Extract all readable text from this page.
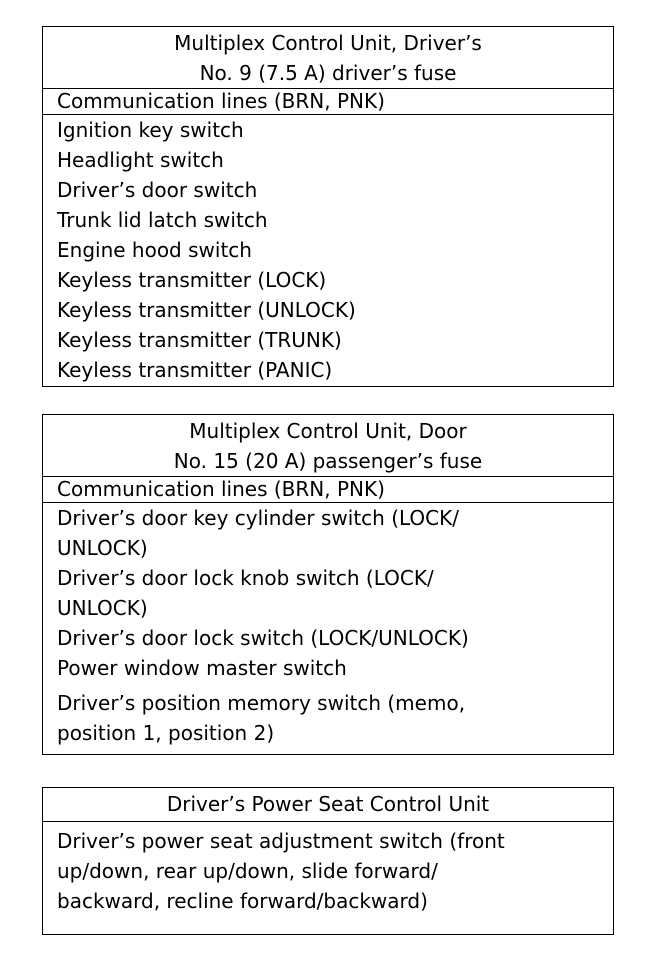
Multiplex Control Unit, Driver’s
No. 9 (7.5 A) driver’s fuse
Communication lines (BRN, PNK)
Ignition key switch
Headlight switch
Driver’s door switch
Trunk lid latch switch
Engine hood switch
Keyless transmitter (LOCK)
Keyless transmitter (UNLOCK)
Keyless transmitter (TRUNK)
Keyless transmitter (PANIC)
Multiplex Control Unit, Door
No. 15 (20 A) passenger’s fuse
Communication lines (BRN, PNK)
Driver’s door key cylinder switch (LOCK/
UNLOCK)
Driver’s door lock knob switch (LOCK/
UNLOCK)
Driver’s door lock switch (LOCK/UNLOCK)
Power window master switch
Driver’s position memory switch (memo,
position 1, position 2)
Driver’s Power Seat Control Unit
Driver’s power seat adjustment switch (front
up/down, rear up/down, slide forward/
backward, recline forward/backward)
